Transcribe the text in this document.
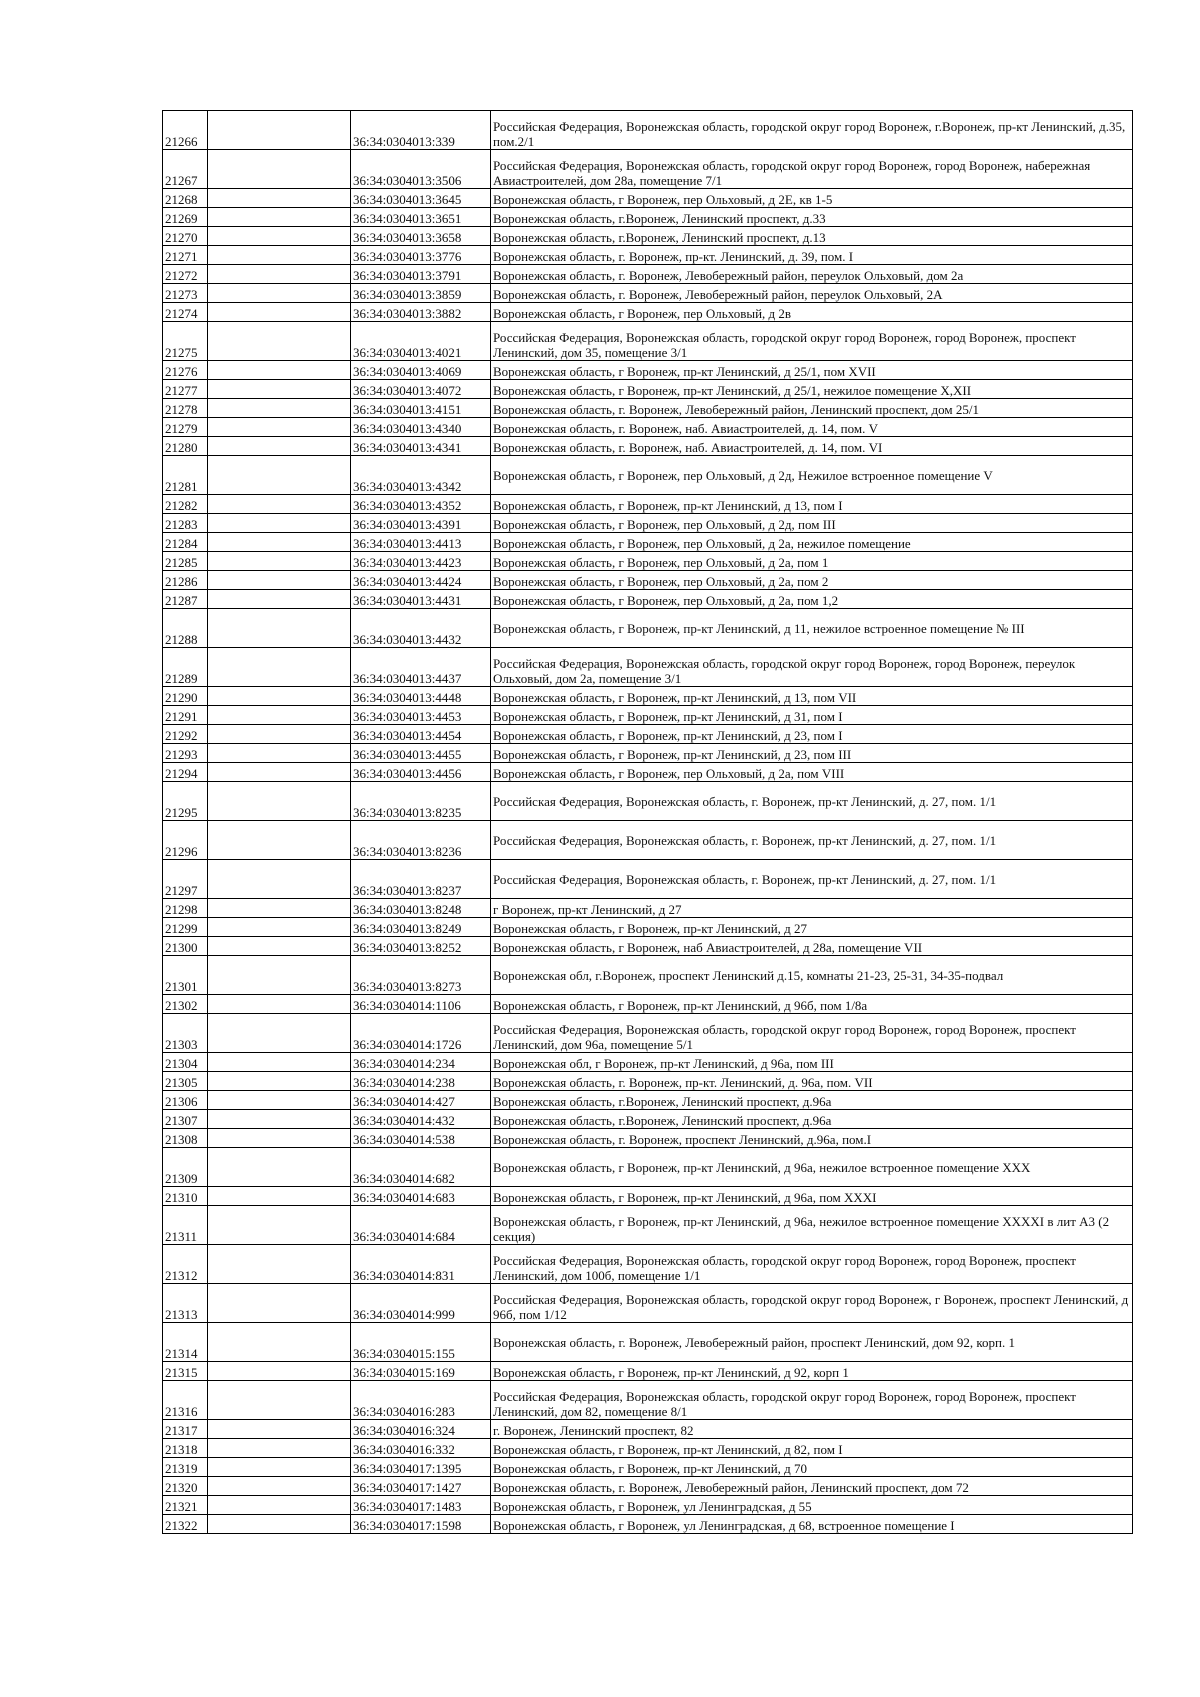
21266		36:34:0304013:339	Российская Федерация, Воронежская область, городской округ город Воронеж, г.Воронеж, пр-кт Ленинский, д.35, пом.2/1
21267		36:34:0304013:3506	Российская Федерация, Воронежская область, городской округ город Воронеж, город Воронеж, набережная Авиастроителей, дом 28а, помещение 7/1
21268		36:34:0304013:3645	Воронежская область, г Воронеж, пер Ольховый, д 2Е, кв 1-5
21269		36:34:0304013:3651	Воронежская область, г.Воронеж, Ленинский проспект, д.33
21270		36:34:0304013:3658	Воронежская область, г.Воронеж, Ленинский проспект, д.13
21271		36:34:0304013:3776	Воронежская область, г. Воронеж, пр-кт. Ленинский, д. 39, пом. I
21272		36:34:0304013:3791	Воронежская область, г. Воронеж, Левобережный район, переулок Ольховый, дом 2а
21273		36:34:0304013:3859	Воронежская область, г. Воронеж, Левобережный район, переулок Ольховый, 2А
21274		36:34:0304013:3882	Воронежская область, г Воронеж, пер Ольховый, д 2в
21275		36:34:0304013:4021	Российская Федерация, Воронежская область, городской округ город Воронеж, город Воронеж, проспект Ленинский, дом 35, помещение 3/1
21276		36:34:0304013:4069	Воронежская область, г Воронеж, пр-кт Ленинский, д 25/1, пом XVII
21277		36:34:0304013:4072	Воронежская область, г Воронеж, пр-кт Ленинский, д 25/1, нежилое помещение X,XII
21278		36:34:0304013:4151	Воронежская область, г. Воронеж, Левобережный район, Ленинский проспект, дом 25/1
21279		36:34:0304013:4340	Воронежская область, г. Воронеж, наб. Авиастроителей, д. 14, пом. V
21280		36:34:0304013:4341	Воронежская область, г. Воронеж, наб. Авиастроителей, д. 14, пом. VI
21281		36:34:0304013:4342	Воронежская область, г Воронеж, пер Ольховый, д 2д, Нежилое встроенное помещение V
21282		36:34:0304013:4352	Воронежская область, г Воронеж, пр-кт Ленинский, д 13, пом I
21283		36:34:0304013:4391	Воронежская область, г Воронеж, пер Ольховый, д 2д, пом III
21284		36:34:0304013:4413	Воронежская область, г Воронеж, пер Ольховый, д 2а, нежилое помещение
21285		36:34:0304013:4423	Воронежская область, г Воронеж, пер Ольховый, д 2а, пом 1
21286		36:34:0304013:4424	Воронежская область, г Воронеж, пер Ольховый, д 2а, пом 2
21287		36:34:0304013:4431	Воронежская область, г Воронеж, пер Ольховый, д 2а, пом 1,2
21288		36:34:0304013:4432	Воронежская область, г Воронеж, пр-кт Ленинский, д 11, нежилое встроенное помещение № III
21289		36:34:0304013:4437	Российская Федерация, Воронежская область, городской округ город Воронеж, город Воронеж, переулок Ольховый, дом 2а, помещение 3/1
21290		36:34:0304013:4448	Воронежская область, г Воронеж, пр-кт Ленинский, д 13, пом VII
21291		36:34:0304013:4453	Воронежская область, г Воронеж, пр-кт Ленинский, д 31, пом I
21292		36:34:0304013:4454	Воронежская область, г Воронеж, пр-кт Ленинский, д 23, пом I
21293		36:34:0304013:4455	Воронежская область, г Воронеж, пр-кт Ленинский, д 23, пом III
21294		36:34:0304013:4456	Воронежская область, г Воронеж, пер Ольховый, д 2а, пом VIII
21295		36:34:0304013:8235	Российская Федерация, Воронежская область, г. Воронеж, пр-кт Ленинский, д. 27, пом. 1/1
21296		36:34:0304013:8236	Российская Федерация, Воронежская область, г. Воронеж, пр-кт Ленинский, д. 27, пом. 1/1
21297		36:34:0304013:8237	Российская Федерация, Воронежская область, г. Воронеж, пр-кт Ленинский, д. 27, пом. 1/1
21298		36:34:0304013:8248	г Воронеж, пр-кт Ленинский, д 27
21299		36:34:0304013:8249	Воронежская область, г Воронеж, пр-кт Ленинский, д 27
21300		36:34:0304013:8252	Воронежская область, г Воронеж, наб Авиастроителей, д 28а, помещение VII
21301		36:34:0304013:8273	Воронежская обл, г.Воронеж, проспект Ленинский д.15, комнаты 21-23, 25-31, 34-35-подвал
21302		36:34:0304014:1106	Воронежская область, г Воронеж, пр-кт Ленинский, д 96б, пом 1/8а
21303		36:34:0304014:1726	Российская Федерация, Воронежская область, городской округ город Воронеж, город Воронеж, проспект Ленинский, дом 96а, помещение 5/1
21304		36:34:0304014:234	Воронежская обл, г Воронеж, пр-кт Ленинский, д 96а, пом III
21305		36:34:0304014:238	Воронежская область, г. Воронеж, пр-кт. Ленинский, д. 96а, пом. VII
21306		36:34:0304014:427	Воронежская область, г.Воронеж, Ленинский проспект, д.96а
21307		36:34:0304014:432	Воронежская область, г.Воронеж, Ленинский проспект, д.96а
21308		36:34:0304014:538	Воронежская область, г. Воронеж, проспект Ленинский, д.96а, пом.I
21309		36:34:0304014:682	Воронежская область, г Воронеж, пр-кт Ленинский, д 96а, нежилое встроенное помещение XXX
21310		36:34:0304014:683	Воронежская область, г Воронеж, пр-кт Ленинский, д 96а, пом XXXI
21311		36:34:0304014:684	Воронежская область, г Воронеж, пр-кт Ленинский, д 96а, нежилое встроенное помещение XXXXI в лит А3 (2 секция)
21312		36:34:0304014:831	Российская Федерация, Воронежская область, городской округ город Воронеж, город Воронеж, проспект Ленинский, дом 100б, помещение 1/1
21313		36:34:0304014:999	Российская Федерация, Воронежская область, городской округ город Воронеж, г Воронеж, проспект Ленинский, д 96б, пом 1/12
21314		36:34:0304015:155	Воронежская область, г. Воронеж, Левобережный район, проспект Ленинский, дом 92, корп. 1
21315		36:34:0304015:169	Воронежская область, г Воронеж, пр-кт Ленинский, д 92, корп 1
21316		36:34:0304016:283	Российская Федерация, Воронежская область, городской округ город Воронеж, город Воронеж, проспект Ленинский, дом 82, помещение 8/1
21317		36:34:0304016:324	г. Воронеж, Ленинский проспект, 82
21318		36:34:0304016:332	Воронежская область, г Воронеж, пр-кт Ленинский, д 82, пом I
21319		36:34:0304017:1395	Воронежская область, г Воронеж, пр-кт Ленинский, д 70
21320		36:34:0304017:1427	Воронежская область, г. Воронеж, Левобережный район, Ленинский проспект, дом 72
21321		36:34:0304017:1483	Воронежская область, г Воронеж, ул Ленинградская, д 55
21322		36:34:0304017:1598	Воронежская область, г Воронеж, ул Ленинградская, д 68, встроенное помещение I
